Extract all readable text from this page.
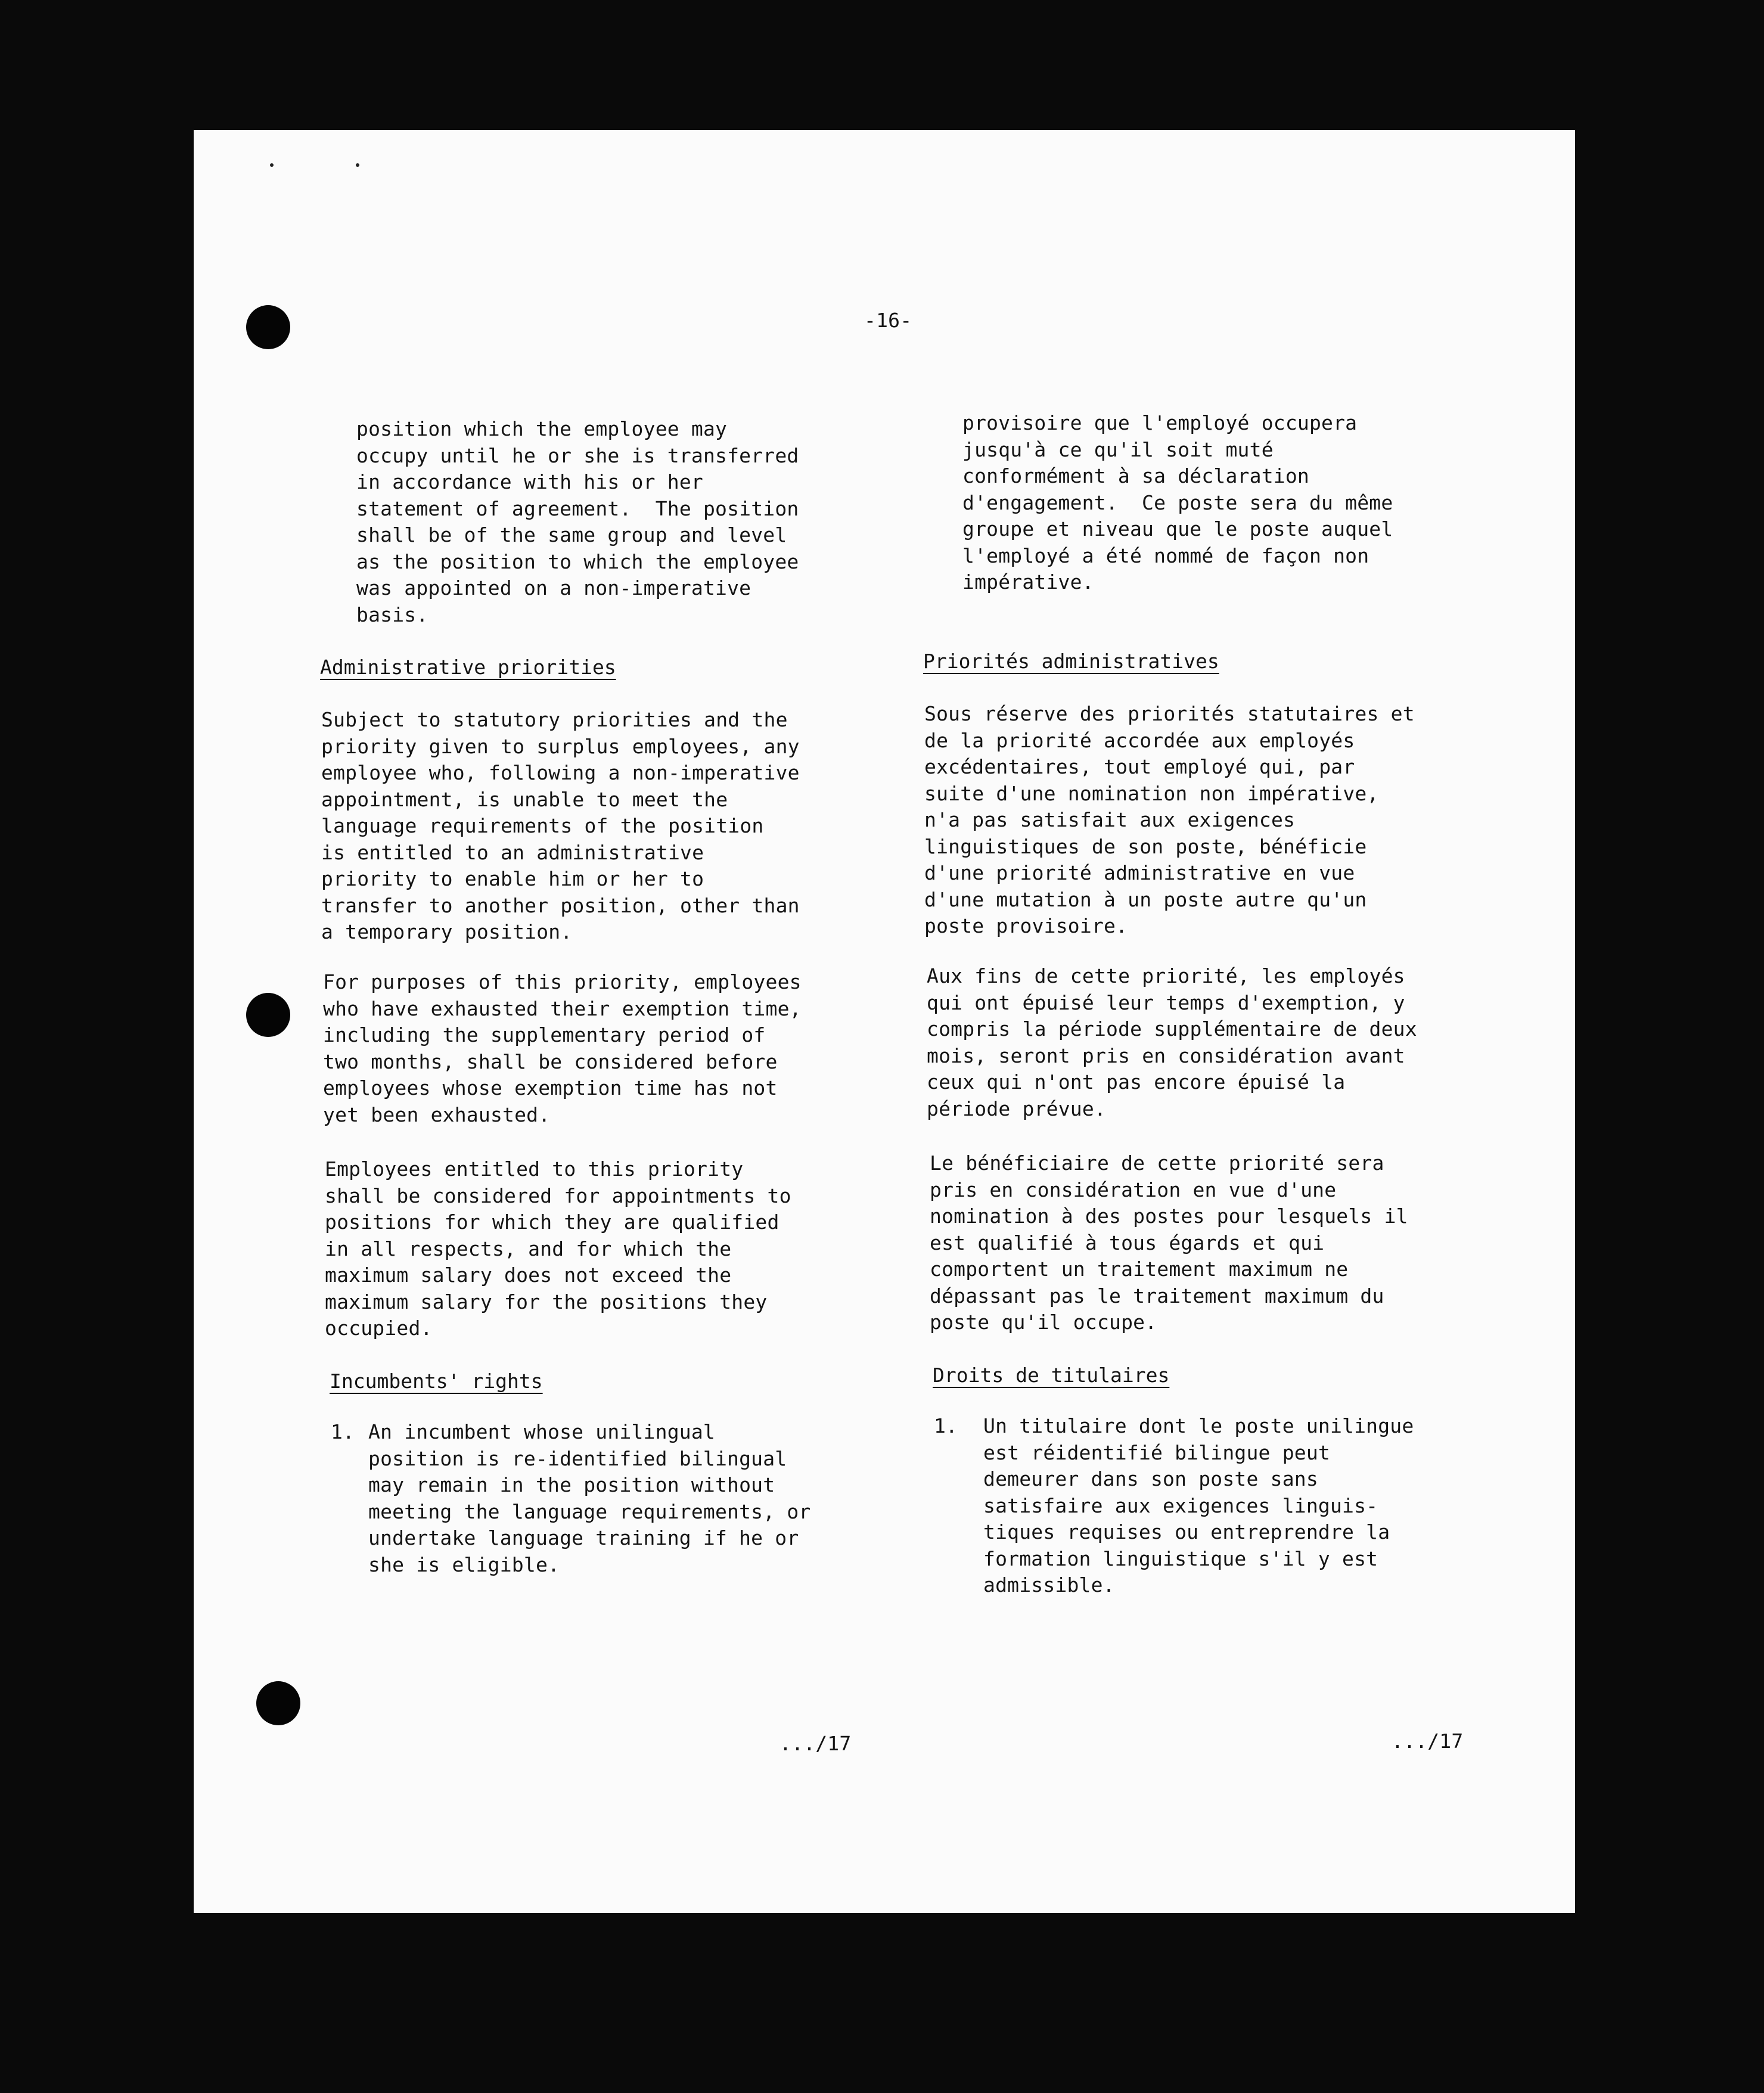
-16-
position which the employee may
occupy until he or she is transferred
in accordance with his or her
statement of agreement.  The position
shall be of the same group and level
as the position to which the employee
was appointed on a non-imperative
basis.
Administrative priorities
Subject to statutory priorities and the
priority given to surplus employees, any
employee who, following a non-imperative
appointment, is unable to meet the
language requirements of the position
is entitled to an administrative
priority to enable him or her to
transfer to another position, other than
a temporary position.
For purposes of this priority, employees
who have exhausted their exemption time,
including the supplementary period of
two months, shall be considered before
employees whose exemption time has not
yet been exhausted.
Employees entitled to this priority
shall be considered for appointments to
positions for which they are qualified
in all respects, and for which the
maximum salary does not exceed the
maximum salary for the positions they
occupied.
Incumbents' rights
1. An incumbent whose unilingual
position is re-identified bilingual
may remain in the position without
meeting the language requirements, or
undertake language training if he or
she is eligible.
.../17
provisoire que l'employé occupera
jusqu'à ce qu'il soit muté
conformément à sa déclaration
d'engagement.  Ce poste sera du même
groupe et niveau que le poste auquel
l'employé a été nommé de façon non
impérative.
Priorités administratives
Sous réserve des priorités statutaires et
de la priorité accordée aux employés
excédentaires, tout employé qui, par
suite d'une nomination non impérative,
n'a pas satisfait aux exigences
linguistiques de son poste, bénéficie
d'une priorité administrative en vue
d'une mutation à un poste autre qu'un
poste provisoire.
Aux fins de cette priorité, les employés
qui ont épuisé leur temps d'exemption, y
compris la période supplémentaire de deux
mois, seront pris en considération avant
ceux qui n'ont pas encore épuisé la
période prévue.
Le bénéficiaire de cette priorité sera
pris en considération en vue d'une
nomination à des postes pour lesquels il
est qualifié à tous égards et qui
comportent un traitement maximum ne
dépassant pas le traitement maximum du
poste qu'il occupe.
Droits de titulaires
1. Un titulaire dont le poste unilingue
est réidentifié bilingue peut
demeurer dans son poste sans
satisfaire aux exigences linguis-
tiques requises ou entreprendre la
formation linguistique s'il y est
admissible.
.../17
